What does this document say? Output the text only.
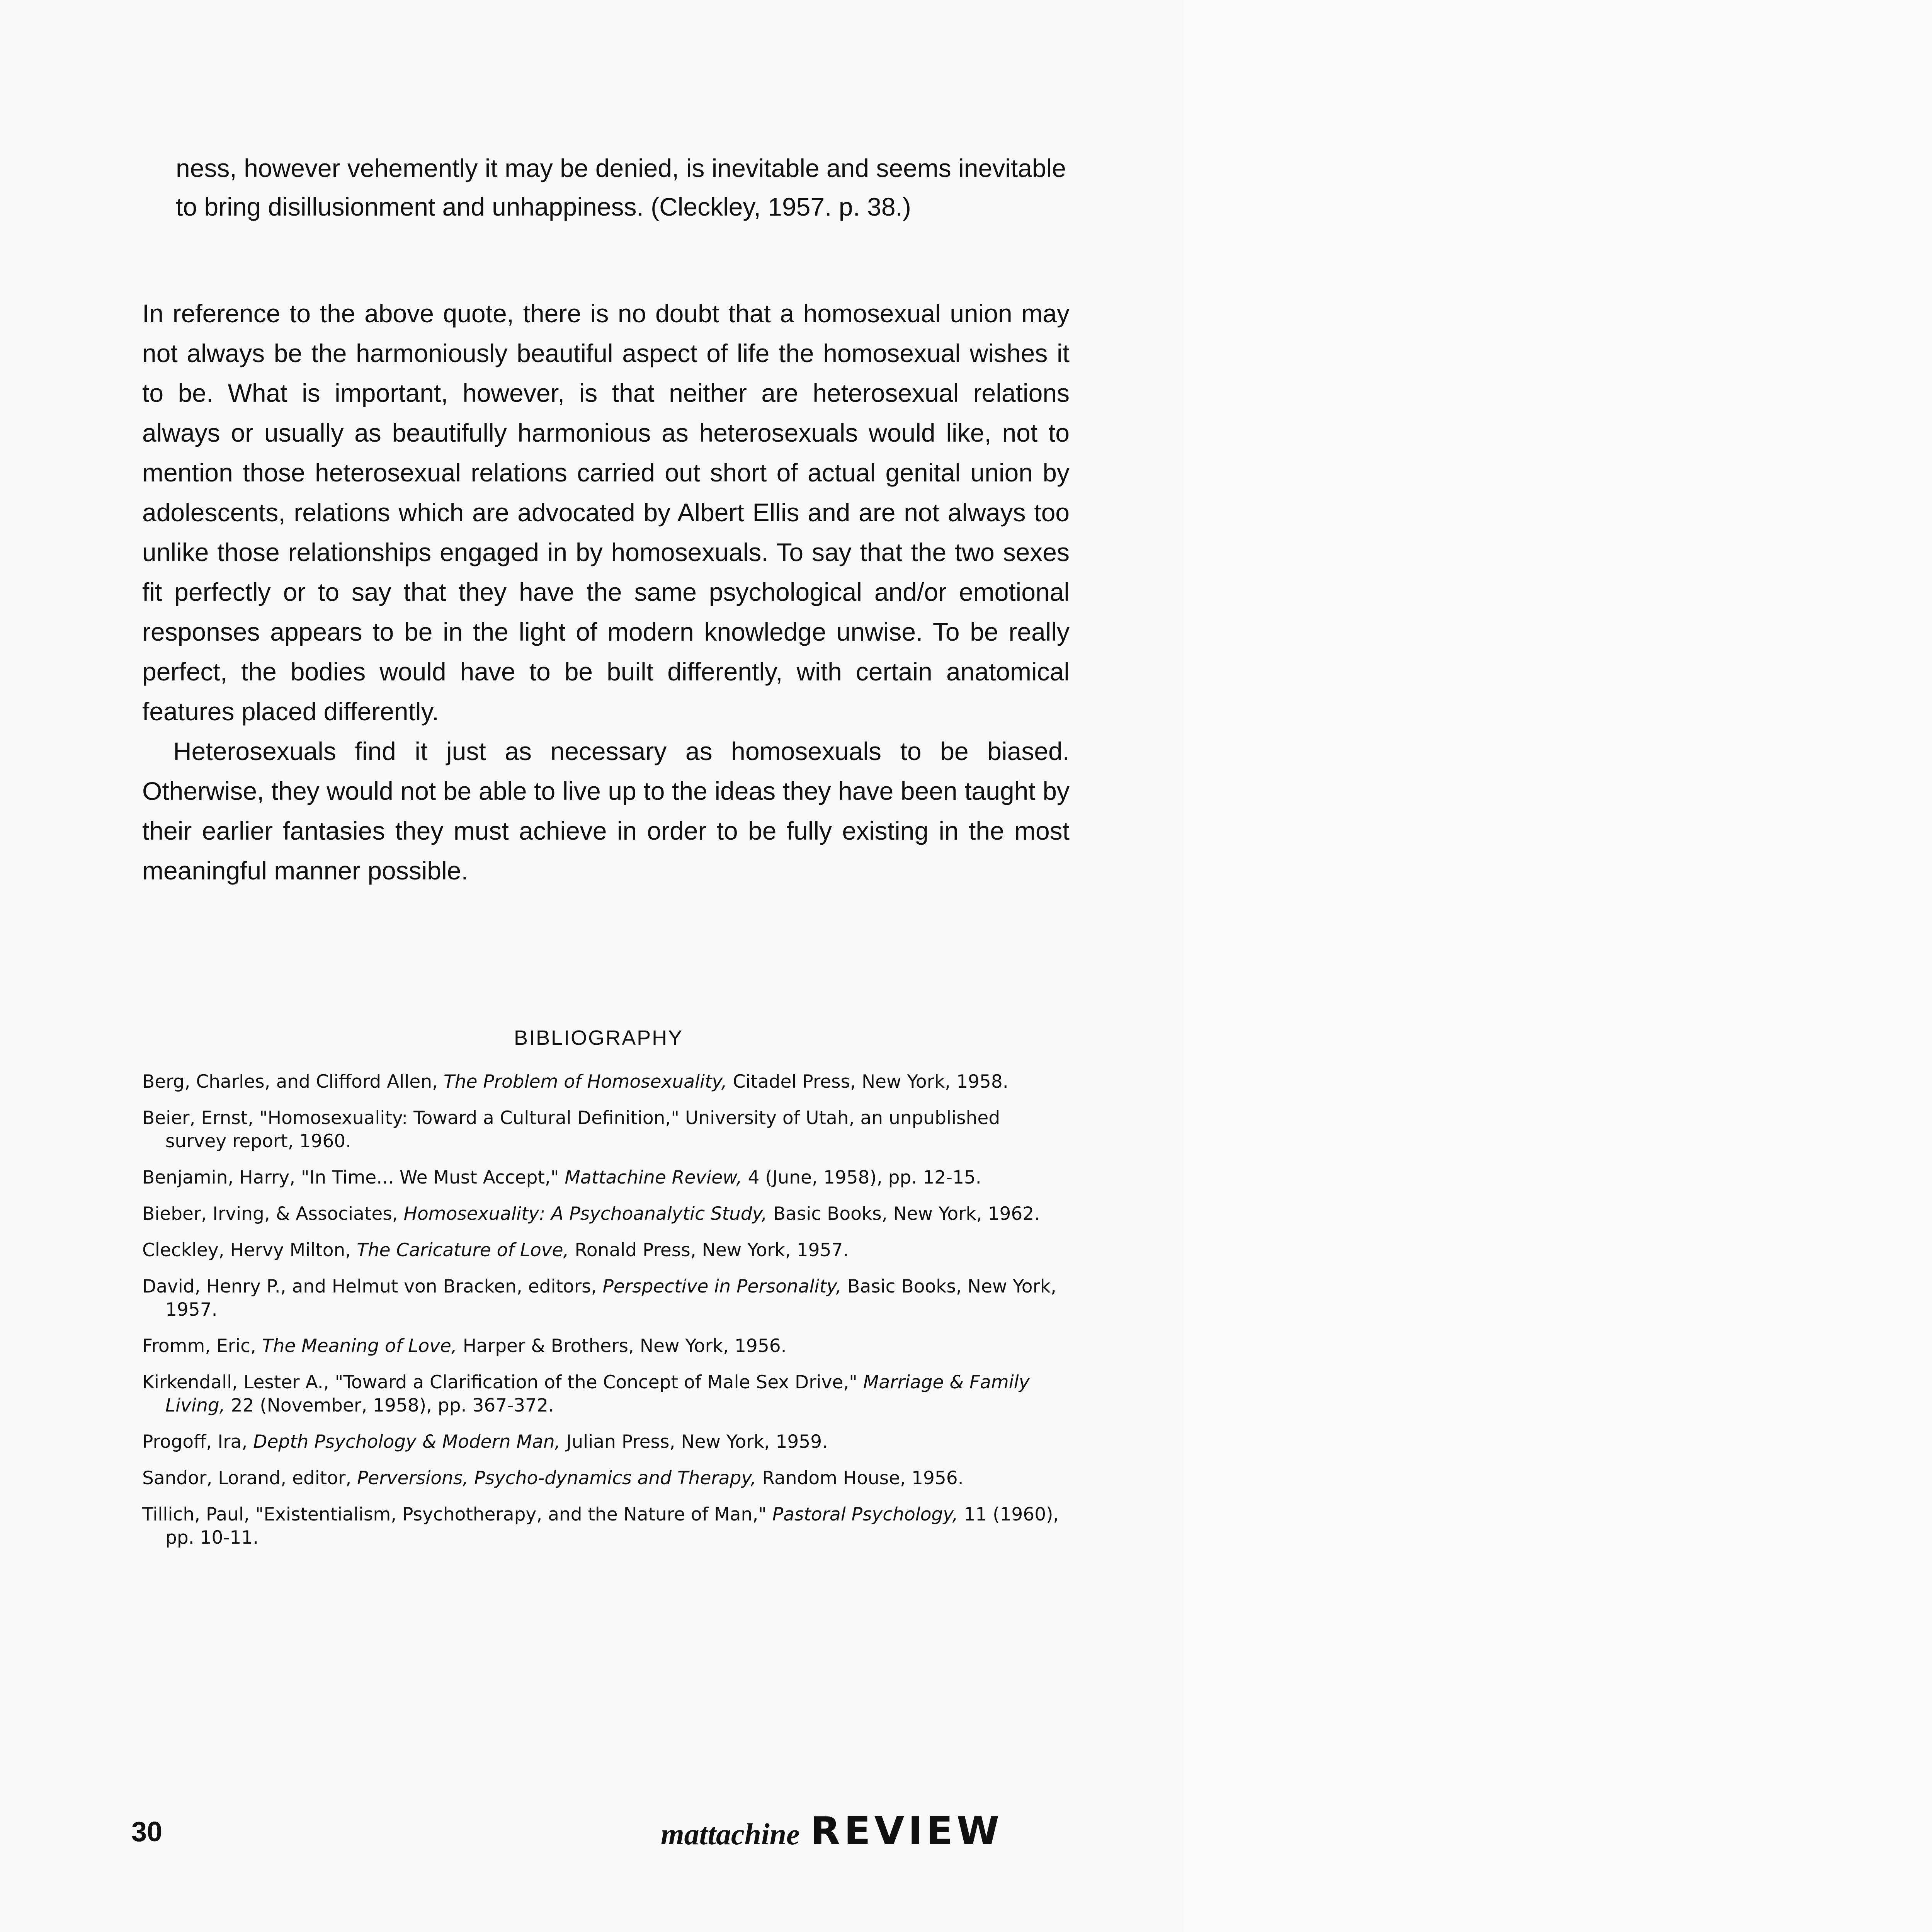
ness, however vehemently it may be denied, is inevitable and seems inevitable to bring disillusionment and unhappiness. (Cleckley, 1957. p. 38.)

In reference to the above quote, there is no doubt that a homosexual union may not always be the harmoniously beautiful aspect of life the homosexual wishes it to be. What is important, however, is that neither are heterosexual relations always or usually as beautifully harmonious as heterosexuals would like, not to mention those heterosexual relations carried out short of actual genital union by adolescents, relations which are advocated by Albert Ellis and are not always too unlike those relationships engaged in by homosexuals. To say that the two sexes fit perfectly or to say that they have the same psychological and/or emotional responses appears to be in the light of modern knowledge unwise. To be really perfect, the bodies would have to be built differently, with certain anatomical features placed differently.

Heterosexuals find it just as necessary as homosexuals to be biased. Otherwise, they would not be able to live up to the ideas they have been taught by their earlier fantasies they must achieve in order to be fully existing in the most meaningful manner possible.

BIBLIOGRAPHY
Berg, Charles, and Clifford Allen, The Problem of Homosexuality, Citadel Press, New York, 1958.
Beier, Ernst, "Homosexuality: Toward a Cultural Definition," University of Utah, an unpublished survey report, 1960.
Benjamin, Harry, "In Time... We Must Accept," Mattachine Review, 4 (June, 1958), pp. 12-15.
Bieber, Irving, & Associates, Homosexuality: A Psychoanalytic Study, Basic Books, New York, 1962.
Cleckley, Hervy Milton, The Caricature of Love, Ronald Press, New York, 1957.
David, Henry P., and Helmut von Bracken, editors, Perspective in Personality, Basic Books, New York, 1957.
Fromm, Eric, The Meaning of Love, Harper & Brothers, New York, 1956.
Kirkendall, Lester A., "Toward a Clarification of the Concept of Male Sex Drive," Marriage & Family Living, 22 (November, 1958), pp. 367-372.
Progoff, Ira, Depth Psychology & Modern Man, Julian Press, New York, 1959.
Sandor, Lorand, editor, Perversions, Psycho-dynamics and Therapy, Random House, 1956.
Tillich, Paul, "Existentialism, Psychotherapy, and the Nature of Man," Pastoral Psychology, 11 (1960), pp. 10-11.
30	mattachine REVIEW
